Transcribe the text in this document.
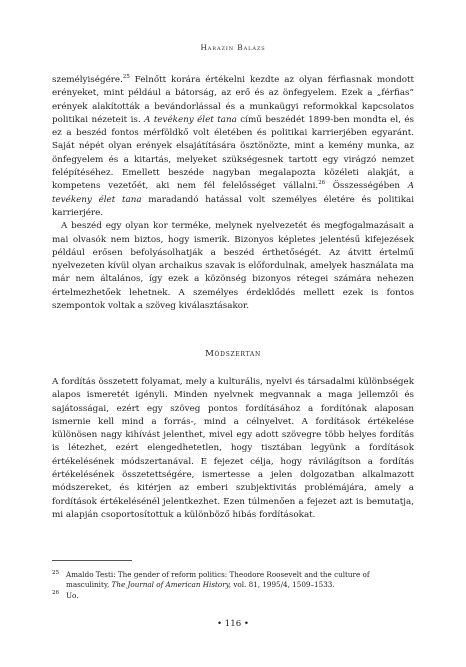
Harazin Balázs

személyiségére.$^{25}$ Felnőtt korára értékelni kezdte az olyan férfiasnak mondott erényeket, mint például a bátorság, az erő és az önfegyelem. Ezek a „férfias” erények alakították a bevándorlással és a munkaügyi reformokkal kapcsolatos politikai nézeteit is. A tevékeny élet tana című beszédét 1899-ben mondta el, és ez a beszéd fontos mérföldkő volt életében és politikai karrierjében egyaránt. Saját népét olyan erények elsajátítására ösztönözte, mint a kemény munka, az önfegyelem és a kitartás, melyeket szükségesnek tartott egy virágzó nemzet felépítéséhez. Emellett beszéde nagyban megalapozta közéleti alakját, a kompetens vezetőét, aki nem fél felelősséget vállalni.$^{26}$ Összességében A tevékeny élet tana maradandó hatással volt személyes életére és politikai karrierjére.

A beszéd egy olyan kor terméke, melynek nyelvezetét és megfogalmazásait a mai olvasók nem biztos, hogy ismerik. Bizonyos képletes jelentésű kifejezések például erősen befolyásolhatják a beszéd érthetőségét. Az átvitt értelmű nyelvezeten kívül olyan archaikus szavak is előfordulnak, amelyek használata ma már nem általános, így ezek a közönség bizonyos rétegei számára nehezen értelmezhetőek lehetnek. A személyes érdeklődés mellett ezek is fontos szempontok voltak a szöveg kiválasztásakor.

Módszertan

A fordítás összetett folyamat, mely a kulturális, nyelvi és társadalmi különbségek alapos ismeretét igényli. Minden nyelvnek megvannak a maga jellemzői és sajátosságai, ezért egy szöveg pontos fordításához a fordítónak alaposan ismernie kell mind a forrás-, mind a célnyelvet. A fordítások értékelése különösen nagy kihívást jelenthet, mivel egy adott szövegre több helyes fordítás is létezhet, ezért elengedhetetlen, hogy tisztában legyünk a fordítások értékelésének módszertanával. E fejezet célja, hogy rávilágítson a fordítás értékelésének összetettségére, ismertesse a jelen dolgozatban alkalmazott módszereket, és kitérjen az emberi szubjektivitás problémájára, amely a fordítások értékelésénél jelentkezhet. Ezen túlmenően a fejezet azt is bemutatja, mi alapján csoportosítottuk a különböző hibás fordításokat.

25 Amaldo Testi: The gender of reform politics: Theodore Roosevelt and the culture of masculinity, The Journal of American History, vol. 81, 1995/4, 1509–1533.

26 Uo.

• 116 •
